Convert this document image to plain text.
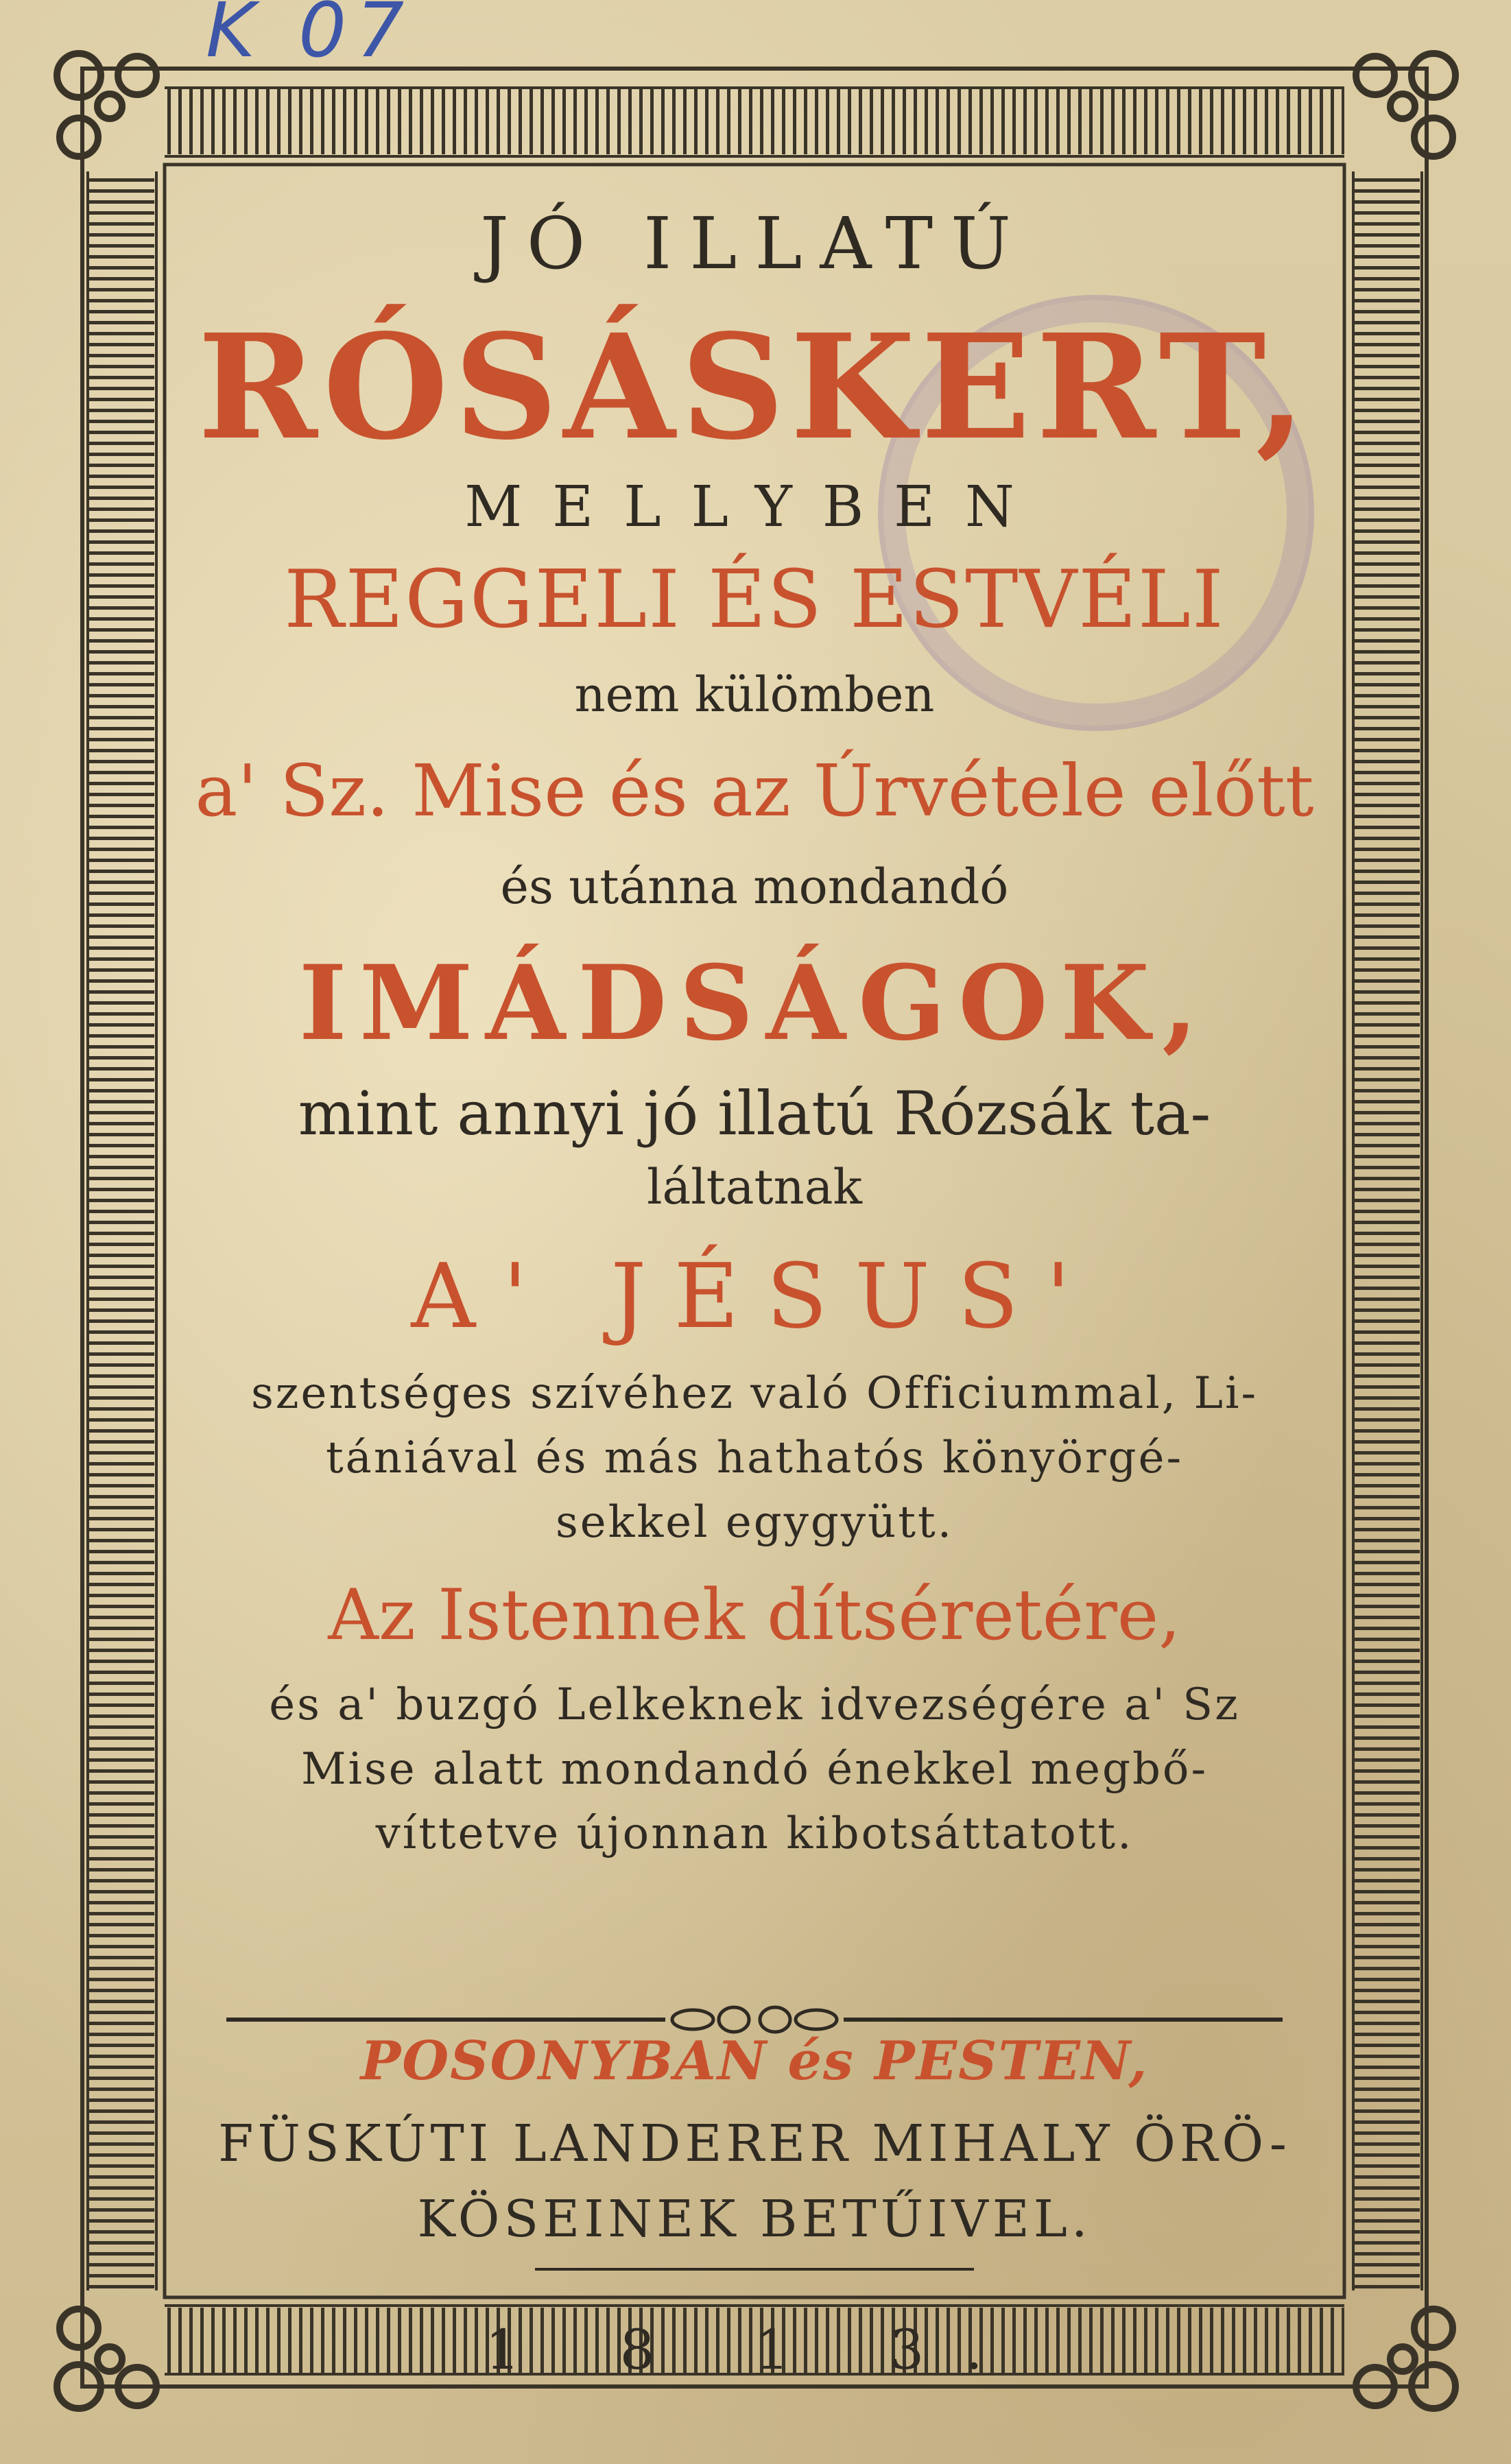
K 07
JÓ ILLATÚ
RÓSÁSKERT,
MELLYBEN
REGGELI ÉS ESTVÉLI
nem külömben
a' Sz. Mise és az Úrvétele előtt
és utánna mondandó
IMÁDSÁGOK,
mint annyi jó illatú Rózsák ta-
láltatnak
A' JÉSUS'
szentséges szívéhez való Officiummal, Li-
tániával és más hathatós könyörgé-
sekkel egygyütt.
Az Istennek dítséretére,
és a' buzgó Lelkeknek idvezségére a' Sz
Mise alatt mondandó énekkel megbő-
víttetve újonnan kibotsáttatott.
POSONYBAN és PESTEN,
FÜSKÚTI LANDERER MIHALY ÖRÖ-
KÖSEINEK BETŰIVEL.
1 8 1 3.
